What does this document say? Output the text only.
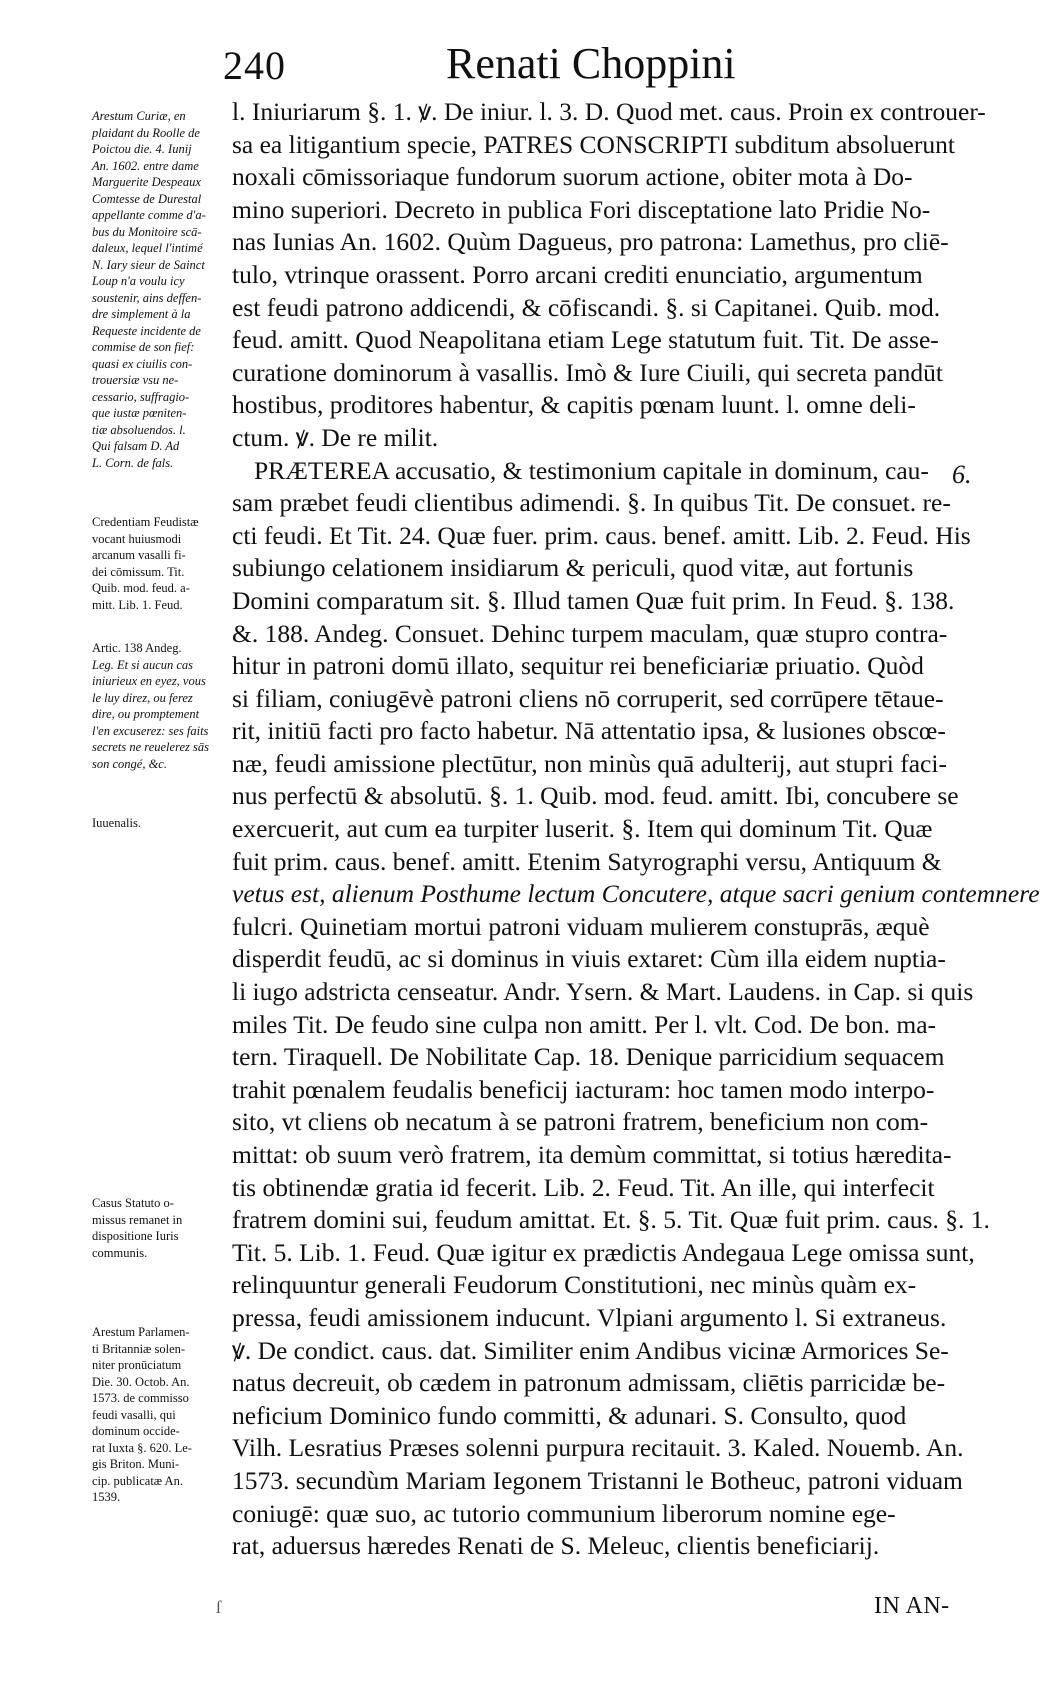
240	Renati Choppini
Arestum Curiæ, en
plaidant du Roolle de
Poictou die. 4. Iunij
An. 1602. entre dame
Marguerite Despeaux
Comtesse de Durestal
appellante comme d'a-
bus du Monitoire scā-
daleux, lequel l'intimé
N. Iary sieur de Sainct
Loup n'a voulu icy
soustenir, ains deffen-
dre simplement à la
Requeste incidente de
commise de son fief:
quasi ex ciuilis con-
trouersiæ vsu ne-
cessario, suffragio-
que iustæ pœniten-
tiæ absoluendos. l.
Qui falsam D. Ad
L. Corn. de fals.
Credentiam Feudistæ
vocant huiusmodi
arcanum vasalli fi-
dei cōmissum. Tit.
Quib. mod. feud. a-
mitt. Lib. 1. Feud.
Artic. 138 Andeg.
Leg. Et si aucun cas
iniurieux en eyez, vous
le luy direz, ou ferez
dire, ou promptement
l'en excuserez: ses faits
secrets ne reuelerez sās
son congé, &c.
Iuuenalis.
Casus Statuto o-
missus remanet in
dispositione Iuris
communis.
Arestum Parlamen-
ti Britanniæ solen-
niter pronūciatum
Die. 30. Octob. An.
1573. de commisso
feudi vasalli, qui
dominum occide-
rat Iuxta §. 620. Le-
gis Briton. Muni-
cip. publicatæ An.
1539.
l. Iniuriarum §. 1. ꝟ. De iniur. l. 3. D. Quod met. caus. Proin ex controuer-
sa ea litigantium specie, PATRES CONSCRIPTI subditum absoluerunt
noxali cōmissoriaque fundorum suorum actione, obiter mota à Do-
mino superiori. Decreto in publica Fori disceptatione lato Pridie No-
nas Iunias An. 1602. Quùm Dagueus, pro patrona: Lamethus, pro cliē-
tulo, vtrinque orassent. Porro arcani crediti enunciatio, argumentum
est feudi patrono addicendi, & cōfiscandi. §. si Capitanei. Quib. mod.
feud. amitt. Quod Neapolitana etiam Lege statutum fuit. Tit. De asse-
curatione dominorum à vasallis. Imò & Iure Ciuili, qui secreta pandūt
hostibus, proditores habentur, & capitis pœnam luunt. l. omne deli-
ctum. ꝟ. De re milit.
PRÆTEREA accusatio, & testimonium capitale in dominum, cau-
sam præbet feudi clientibus adimendi. §. In quibus Tit. De consuet. re-
cti feudi. Et Tit. 24. Quæ fuer. prim. caus. benef. amitt. Lib. 2. Feud. His
subiungo celationem insidiarum & periculi, quod vitæ, aut fortunis
Domini comparatum sit. §. Illud tamen Quæ fuit prim. In Feud. §. 138.
&. 188. Andeg. Consuet. Dehinc turpem maculam, quæ stupro contra-
hitur in patroni domū illato, sequitur rei beneficiariæ priuatio. Quòd
si filiam, coniugēvè patroni cliens nō corruperit, sed corrūpere tētaue-
rit, initiū facti pro facto habetur. Nā attentatio ipsa, & lusiones obscœ-
næ, feudi amissione plectūtur, non minùs quā adulterij, aut stupri faci-
nus perfectū & absolutū. §. 1. Quib. mod. feud. amitt. Ibi, concubere se
exercuerit, aut cum ea turpiter luserit. §. Item qui dominum Tit. Quæ
fuit prim. caus. benef. amitt. Etenim Satyrographi versu, Antiquum &
vetus est, alienum Posthume lectum Concutere, atque sacri genium contemnere
fulcri. Quinetiam mortui patroni viduam mulierem constuprās, æquè
disperdit feudū, ac si dominus in viuis extaret: Cùm illa eidem nuptia-
li iugo adstricta censeatur. Andr. Ysern. & Mart. Laudens. in Cap. si quis
miles Tit. De feudo sine culpa non amitt. Per l. vlt. Cod. De bon. ma-
tern. Tiraquell. De Nobilitate Cap. 18. Denique parricidium sequacem
trahit pœnalem feudalis beneficij iacturam: hoc tamen modo interpo-
sito, vt cliens ob necatum à se patroni fratrem, beneficium non com-
mittat: ob suum verò fratrem, ita demùm committat, si totius hæredita-
tis obtinendæ gratia id fecerit. Lib. 2. Feud. Tit. An ille, qui interfecit
fratrem domini sui, feudum amittat. Et. §. 5. Tit. Quæ fuit prim. caus. §. 1.
Tit. 5. Lib. 1. Feud. Quæ igitur ex prædictis Andegaua Lege omissa sunt,
relinquuntur generali Feudorum Constitutioni, nec minùs quàm ex-
pressa, feudi amissionem inducunt. Vlpiani argumento l. Si extraneus.
ꝟ. De condict. caus. dat. Similiter enim Andibus vicinæ Armorices Se-
natus decreuit, ob cædem in patronum admissam, cliētis parricidæ be-
neficium Dominico fundo committi, & adunari. S. Consulto, quod
Vilh. Lesratius Præses solenni purpura recitauit. 3. Kaled. Nouemb. An.
1573. secundùm Mariam Iegonem Tristanni le Botheuc, patroni viduam
coniugē: quæ suo, ac tutorio communium liberorum nomine ege-
rat, aduersus hæredes Renati de S. Meleuc, clientis beneficiarij.
6.
IN AN-
ſ
